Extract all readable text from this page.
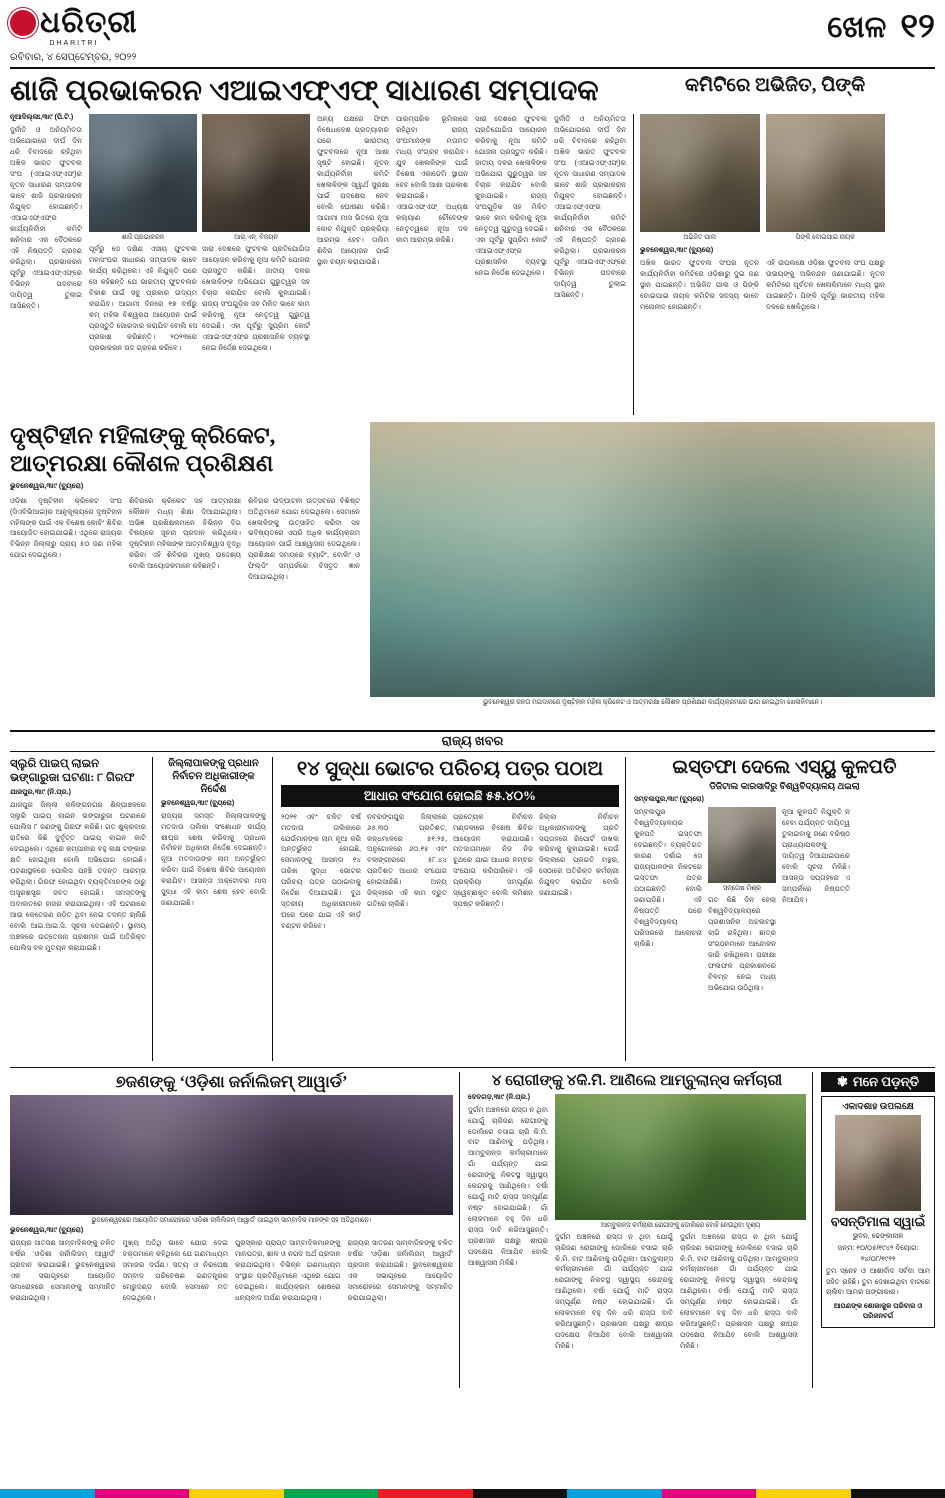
ଧରିତ୍ରୀ
DHARITRI
ରବିବାର, ୪ ସେପ୍ଟେମ୍ବର, ୨୦୨୨
ଖେଳ ୧୨
ଶାଜି ପ୍ରଭାକରନ ଏଆଇଏଫ୍‌ଏଫ୍‌ ସାଧାରଣ ସମ୍ପାଦକ	କମିଟିରେ ଅଭିଜିତ, ପିଙ୍କି
ନୂଆଦିଲ୍ଲୀ,୩ା୯ (ପି.ଟି.)
ଦୁର୍ନୀତି ଓ ଅନିୟମିତତା ଅଭିଯୋଗରେ ଦୀର୍ଘ ଦିନ ଧରି ବିବାଦରେ ରହିଥିବା ଅଖିଳ ଭାରତ ଫୁଟବଲ ସଂଘ (ଏଆଇଏଫ୍‌ଏଫ୍‌)ର ନୂତନ ସାଧାରଣ ସମ୍ପାଦକ ଭାବେ ଶାଜି ପ୍ରଭାକରନ ନିଯୁକ୍ତ ହୋଇଛନ୍ତି। ଏଆଇଏଫ୍‌ଏଫ୍‌ର କାର୍ଯ୍ୟନିର୍ବାହୀ କମିଟି ଶନିବାର ଏକ ବୈଠକରେ ଏହି ନିଷ୍ପତ୍ତି ଗ୍ରହଣ କରିଥିଲା। ପ୍ରଭାକରନ ପୂର୍ବରୁ ଏଆଇଏଫ୍‌ଏଫ୍‌ରେ ବିଭିନ୍ନ ପଦବୀରେ ଦାୟିତ୍ୱ ତୁଲାଇ ଆସିଛନ୍ତି।
ଶାଜି ପ୍ରଭାକରନ
ପୂର୍ବରୁ ସେ ଦକ୍ଷିଣ ଏସୀୟ ଫୁଟବଲ ମହାସଂଘର ସାଧାରଣ ସମ୍ପାଦକ ଭାବେ କାର୍ଯ୍ୟ କରିଥିଲେ। ଏହି ନିଯୁକ୍ତି ପରେ ସେ କହିଛନ୍ତି ଯେ ଭାରତୀୟ ଫୁଟବଲର ବିକାଶ ପାଇଁ ସବୁ ପ୍ରକାର ଉଦ୍ୟମ କରାଯିବ। ଆଗାମୀ ଦିନରେ ୧୭ ବର୍ଷରୁ କମ୍ ମହିଳା ବିଶ୍ୱକପ ଆୟୋଜନ ପାଇଁ ପ୍ରସ୍ତୁତି ଜୋରଦାର କରାଯିବ ବୋଲି ସେ ପ୍ରକାଶ କରିଛନ୍ତି। ୨୦୨୩ରେ ପ୍ରଭାକରନ ପଦ ଗ୍ରହଣ କରିବେ।
ଆର୍‌.ଏନ୍‌. ବିଜୟନ
ସାରା ଦେଶରେ ଫୁଟବଲ ପ୍ରତିଯୋଗିତା ଆୟୋଜନ କରିବାକୁ ନୂଆ କମିଟି ଯୋଜନା ପ୍ରସ୍ତୁତ କରିଛି। ଜାତୀୟ ଦଳର ଖେଳାଳିଙ୍କ ଅଭିଯୋଗ ଗୁରୁତ୍ୱର ସହ ବିଚାର କରାଯିବ ବୋଲି କୁହାଯାଇଛି। ରାଜ୍ୟ ସଂଘଗୁଡ଼ିକ ସହ ମିଳିତ ଭାବେ କାମ କରିବାକୁ ନୂଆ ନେତୃତ୍ୱ ଗୁରୁତ୍ୱ ଦେଇଛି। ଏହା ପୂର୍ବରୁ ସୁପ୍ରିମ କୋର୍ଟ ଏଆଇଏଫ୍‌ଏଫ୍‌ର ପ୍ରଶାସନିକ ବ୍ୟବସ୍ଥା ନେଇ ନିର୍ଦ୍ଦେଶ ଦେଇଥିଲେ।
ଅନ୍ୟ ପକ୍ଷରେ ଫିଫା ନିଷେଧାଦେଶ ପ୍ରତ୍ୟାହାର ପରେ ଭାରତୀୟ ଫୁଟବଲରେ ନୂଆ ଆଶା ସୃଷ୍ଟି ହୋଇଛି। ନୂତନ କାର୍ଯ୍ୟନିର୍ବାହୀ କମିଟି ଖେଳାଳିଙ୍କ ସ୍ୱାର୍ଥ ସୁରକ୍ଷା ପାଇଁ ପଦକ୍ଷେପ ନେବ ବୋଲି ଘୋଷଣା କରିଛି। ଆଗାମୀ ମାସ ଭିତରେ ନୂଆ କୋଚ ନିଯୁକ୍ତି ପ୍ରକ୍ରିୟା ଆରମ୍ଭ ହେବ। ତାଲିମ ଶିବିର ଆୟୋଜନ ପାଇଁ ସ୍ଥାନ ଚୟନ କରାଯାଉଛି।
ପାରମ୍ପରିକ ଭୂମିକାରେ ରହିଥିବା ରାଜ୍ୟ ସଂଘମାନଙ୍କ ମତାମତ ମଧ୍ୟ ସଂଗ୍ରହ କରାଯିବ। ଯୁବ ଖେଳାଳିଙ୍କ ପାଇଁ ବିଶେଷ ଏକାଡେମି ସ୍ଥାପନ ହେବ ବୋଲି ଆଶା ପ୍ରକାଶ କରାଯାଇଛି। ଏଆଇଏଫ୍‌ଏଫ୍‌ ଅଧ୍ୟକ୍ଷ କଲ୍ୟାଣ ଚୌବେଙ୍କ ନେତୃତ୍ୱରେ ନୂଆ ଦଳ କାମ ଆରମ୍ଭ କରିଛି।
ସାରା ଦେଶରେ ଫୁଟବଲ ପ୍ରତିଯୋଗିତା ଆୟୋଜନ କରିବାକୁ ନୂଆ କମିଟି ଯୋଜନା ପ୍ରସ୍ତୁତ କରିଛି। ଜାତୀୟ ଦଳର ଖେଳାଳିଙ୍କ ଅଭିଯୋଗ ଗୁରୁତ୍ୱର ସହ ବିଚାର କରାଯିବ ବୋଲି କୁହାଯାଇଛି। ରାଜ୍ୟ ସଂଘଗୁଡ଼ିକ ସହ ମିଳିତ ଭାବେ କାମ କରିବାକୁ ନୂଆ ନେତୃତ୍ୱ ଗୁରୁତ୍ୱ ଦେଇଛି। ଏହା ପୂର୍ବରୁ ସୁପ୍ରିମ କୋର୍ଟ ଏଆଇଏଫ୍‌ଏଫ୍‌ର ପ୍ରଶାସନିକ ବ୍ୟବସ୍ଥା ନେଇ ନିର୍ଦ୍ଦେଶ ଦେଇଥିଲେ।
ଦୁର୍ନୀତି ଓ ଅନିୟମିତତା ଅଭିଯୋଗରେ ଦୀର୍ଘ ଦିନ ଧରି ବିବାଦରେ ରହିଥିବା ଅଖିଳ ଭାରତ ଫୁଟବଲ ସଂଘ (ଏଆଇଏଫ୍‌ଏଫ୍‌)ର ନୂତନ ସାଧାରଣ ସମ୍ପାଦକ ଭାବେ ଶାଜି ପ୍ରଭାକରନ ନିଯୁକ୍ତ ହୋଇଛନ୍ତି। ଏଆଇଏଫ୍‌ଏଫ୍‌ର କାର୍ଯ୍ୟନିର୍ବାହୀ କମିଟି ଶନିବାର ଏକ ବୈଠକରେ ଏହି ନିଷ୍ପତ୍ତି ଗ୍ରହଣ କରିଥିଲା। ପ୍ରଭାକରନ ପୂର୍ବରୁ ଏଆଇଏଫ୍‌ଏଫ୍‌ରେ ବିଭିନ୍ନ ପଦବୀରେ ଦାୟିତ୍ୱ ତୁଲାଇ ଆସିଛନ୍ତି।
ଅଭିଜିତ ପାଲ	ପିଙ୍କି ବୋଇପାଇ ନାୟକ
ଭୁବନେଶ୍ୱର,୩ା୯ (ବ୍ୟୁରୋ)
ଅଖିଳ ଭାରତ ଫୁଟବଲ ସଂଘର ନୂତନ କାର୍ଯ୍ୟନିର୍ବାହୀ କମିଟିରେ ଓଡ଼ିଶାରୁ ଦୁଇ ଜଣ ସ୍ଥାନ ପାଇଛନ୍ତି। ଅଭିଜିତ ପାଲ ଓ ପିଙ୍କି ବୋଇପାଇ ନାୟକ କମିଟିର ସଦସ୍ୟ ଭାବେ ମନୋନୀତ ହୋଇଛନ୍ତି।
ଏହି ଉପଲକ୍ଷେ ଓଡ଼ିଶା ଫୁଟବଲ ସଂଘ ପକ୍ଷରୁ ଉଭୟଙ୍କୁ ଅଭିନନ୍ଦନ ଜଣାଯାଇଛି। ନୂତନ କମିଟିରେ ପୂର୍ବତନ ଖେଳାଳିମାନେ ମଧ୍ୟ ସ୍ଥାନ ପାଇଛନ୍ତି। ପିଙ୍କି ପୂର୍ବରୁ ଭାରତୀୟ ମହିଳା ଦଳରେ ଖେଳିଥିଲେ।
ଦୃଷ୍ଟିହୀନ ମହିଳାଙ୍କୁ କ୍ରିକେଟ, ଆତ୍ମରକ୍ଷା କୌଶଳ ପ୍ରଶିକ୍ଷଣ
ଭୁବନେଶ୍ୱର,୩ା୯ (ବ୍ୟୁରୋ)
ଓଡ଼ିଶା ଦୃଷ୍ଟିହୀନ କ୍ରିକେଟ ସଂଘ (ସିଏବିଭିଆଇ)ର ଆନୁକୂଲ୍ୟରେ ଦୃଷ୍ଟିହୀନ ମହିଳାଙ୍କ ପାଇଁ ଏକ ବିଶେଷ କୋଚିଂ ଶିବିର ଆୟୋଜିତ ହୋଇଯାଇଛି। ଏଥିରେ ରାଜ୍ୟର ବିଭିନ୍ନ ଜିଲ୍ଲାରୁ ପ୍ରାୟ ୫୦ ଜଣ ମହିଳା ଯୋଗ ଦେଇଥିଲେ।
ଶିବିରରେ କ୍ରିକେଟ ସହ ଆତ୍ମରକ୍ଷା କୌଶଳ ମଧ୍ୟ ଶିକ୍ଷା ଦିଆଯାଇଥିଲା। ଅଭିଜ୍ଞ ପ୍ରଶିକ୍ଷକମାନେ ବିଭିନ୍ନ ଦିଗ ବିଷୟରେ ସୂଚନା ପ୍ରଦାନ କରିଥିଲେ। ଦୃଷ୍ଟିହୀନ ମହିଳାଙ୍କ ଆତ୍ମବିଶ୍ୱାସ ବୃଦ୍ଧି କରିବା ଏହି ଶିବିରର ମୁଖ୍ୟ ଉଦ୍ଦେଶ୍ୟ ବୋଲି ଆୟୋଜକମାନେ କହିଛନ୍ତି।
ଶିବିରର ଉଦ୍‌ଘାଟନୀ ଉତ୍ସବରେ ବିଶିଷ୍ଟ ଅତିଥିମାନେ ଯୋଗ ଦେଇଥିଲେ। ସେମାନେ ଖେଳାଳିଙ୍କୁ ଉତ୍ସାହିତ କରିବା ସହ ଭବିଷ୍ୟତରେ ଏପରି ଅଧିକ କାର୍ଯ୍ୟକ୍ରମ ଆୟୋଜନ ପାଇଁ ଆଶ୍ୱାସନା ଦେଇଥିଲେ। ପ୍ରଶିକ୍ଷଣ ସମୟରେ ବ୍ୟାଟିଂ, ବୋଲିଂ ଓ ଫିଲ୍ଡିଂ ସମ୍ପର୍କରେ ବିସ୍ତୃତ ଜ୍ଞାନ ଦିଆଯାଇଥିଲା।
ଭୁବନେଶ୍ୱର ଜନତା ମଇଦାନରେ ଦୃଷ୍ଟିହୀନ ମହିଳା କ୍ରିକେଟ ଓ ଆତ୍ମରକ୍ଷା କୌଶଳ ପ୍ରଶିକ୍ଷଣ କାର୍ଯ୍ୟକ୍ରମରେ ଭାଗ ନେଇଥିବା ଖେଳାଳିମାନେ।
ରାଜ୍ୟ ଖବର
ସ୍ଲୁରି ପାଇପ୍‌ ଲାଇନ ଭଙ୍ଗାରୁଜା ଘଟଣା: ୮ ଗିରଫ
ଯାଜପୁର,୩ା୯ (ନି.ପ୍ର.)
ଯାଜପୁର ଜିଲ୍ଲା କଳିଙ୍ଗନଗର ଶିଳ୍ପାଞ୍ଚଳରେ ସ୍ଲୁରି ପାଇପ୍‌ ଲାଇନ ଭଙ୍ଗାରୁଜା ଘଟଣାରେ ପୋଲିସ ୮ ଜଣଙ୍କୁ ଗିରଫ କରିଛି। ଗତ ଶୁକ୍ରବାର ରାତିରେ କିଛି ଦୁର୍ବୃତ୍ତ ପାଇପ୍‌ ଲାଇନ କାଟି ଦେଇଥିଲେ। ଏଥିରେ କମ୍ପାନୀର ବହୁ ଲକ୍ଷ ଟଙ୍କାର କ୍ଷତି ହୋଇଥିଲା ବୋଲି ଅଭିଯୋଗ ହୋଇଛି। ଘଟଣାସ୍ଥଳରେ ପୋଲିସ ପହଞ୍ଚି ତଦନ୍ତ ଆରମ୍ଭ କରିଥିଲା। ଗିରଫ ହୋଇଥିବା ବ୍ୟକ୍ତିମାନଙ୍କ ଠାରୁ ଅସ୍ତ୍ରଶସ୍ତ୍ର ଜବତ ହୋଇଛି। ସମସ୍ତଙ୍କୁ ଅଦାଲତରେ ହାଜର କରାଯାଇଥିଲା। ଏହି ଘଟଣାରେ ଆଉ କେତେଜଣ ଜଡ଼ିତ ଥିବା ନେଇ ତଦନ୍ତ ଚାଲିଛି ବୋଲି ଆଇ.ଆଇ.ସି. ସୂଚନା ଦେଇଛନ୍ତି। ସ୍ଥାନୀୟ ଅଞ୍ଚଳରେ ଉତ୍ତେଜନା ପ୍ରଶମନ ପାଇଁ ଅତିରିକ୍ତ ପୋଲିସ ବଳ ମୁତୟନ କରାଯାଇଛି।
ଜିଲ୍ଲାପାଳଙ୍କୁ ପ୍ରଧାନ ନିର୍ବାଚନ ଅଧିକାରୀଙ୍କ ନିର୍ଦ୍ଦେଶ
ଭୁବନେଶ୍ୱର,୩ା୯ (ବ୍ୟୁରୋ)
ରାଜ୍ୟର ସମସ୍ତ ଜିଲ୍ଲାପାଳଙ୍କୁ ମତଦାତା ତାଲିକା ସଂଶୋଧନ କାର୍ଯ୍ୟ ଶୀଘ୍ର ଶେଷ କରିବାକୁ ପ୍ରଧାନ ନିର୍ବାଚନ ଅଧିକାରୀ ନିର୍ଦ୍ଦେଶ ଦେଇଛନ୍ତି। ନୂଆ ମତଦାତାଙ୍କ ନାମ ଅନ୍ତର୍ଭୁକ୍ତ କରିବା ପାଇଁ ବିଶେଷ ଶିବିର ଆୟୋଜନ କରାଯିବ। ଆସନ୍ତା ଅକ୍ଟୋବର ମାସ ସୁଦ୍ଧା ଏହି କାମ ଶେଷ ହେବ ବୋଲି ଜଣାଯାଇଛି।
୧୪ ସୁଦ୍ଧା ଭୋଟର ପରିଚୟ ପତ୍ର ପଠାଅ
ଆଧାର ସଂଯୋଗ ହୋଇଛି ୫୫.୪୦%
୨୦୨୧ ଏବଂ ଚଳିତ ବର୍ଷ ମତଦାତା ତାଲିକାରେ ଯେଉଁମାନଙ୍କ ନାମ ନୂଆ କରି ଅନ୍ତର୍ଭୁକ୍ତ ହୋଇଛି, ସେମାନଙ୍କୁ ଆସନ୍ତା ୧୪ ତାରିଖ ସୁଦ୍ଧା ଭୋଟର ପରିଚୟ ପତ୍ର ପଠାଇବାକୁ ନିର୍ଦ୍ଦେଶ ଦିଆଯାଇଛି। ବୁଥ ସ୍ତରୀୟ ଅଧିକାରୀମାନେ ଘରେ ଘରେ ଯାଇ ଏହି କାର୍ଡ଼ ବଣ୍ଟନ କରିବେ।
ନବରଙ୍ଗପୁର ଜିଲ୍ଲାରେ ୬୫.୩୦ ପ୍ରତିଶତ, କନ୍ଧମାଳରେ ୫୧.୨୫, ଅନୁଗୋଳରେ ୬୦.୧୫ ଏବଂ ବଲାଙ୍ଗୀରରେ ୫୮.୪୪ ପ୍ରତିଶତ ଆଧାର ସଂଯୋଗ ହୋଇସାରିଛି। ଅନ୍ୟ ଜିଲ୍ଲାରେ ଏହି କାମ ଦ୍ରୁତ ଗତିରେ ଚାଲିଛି।
ପ୍ରତ୍ୟେକ ନିର୍ବାଚନ ମଣ୍ଡଳୀରେ ବିଶେଷ ଶିବିର ଆୟୋଜନ କରାଯାଉଛି। ମତଦାତାମାନେ ନିଜ ନିଜ ବୁଥରେ ଯାଇ ଆଧାର ନମ୍ବର ସଂଯୋଗ କରିପାରିବେ। ଏହି ପ୍ରକ୍ରିୟା ସମ୍ପୂର୍ଣ୍ଣ ସ୍ୱେଚ୍ଛାକୃତ ବୋଲି କମିଶନ ସ୍ପଷ୍ଟ କରିଛନ୍ତି।
ଜିଲ୍ଲା ନିର୍ବାଚନ ଅଧିକାରୀମାନଙ୍କୁ ପ୍ରତି ସପ୍ତାହରେ ରିପୋର୍ଟ ଦାଖଲ କରିବାକୁ କୁହାଯାଇଛି। ଯେଉଁ ଜିଲ୍ଲାରେ ପ୍ରଗତି ମନ୍ଥର, ସେଠାରେ ଅତିରିକ୍ତ କର୍ମଚାରୀ ନିଯୁକ୍ତ କରାଯିବ ବୋଲି ଜଣାଯାଇଛି।
ଇସ୍ତଫା ଦେଲେ ଏସ୍‌ୟୁ କୁଳପତି
ଡିଜିଟାଲ କାରସାଦିରୁ ବିଶ୍ୱବିଦ୍ୟାଳୟ ଥଇଲା
ସମ୍ବଲପୁର,୩ା୯ (ବ୍ୟୁରୋ)
ସମ୍ବଲପୁର ବିଶ୍ୱବିଦ୍ୟାଳୟର କୁଳପତି ଇସ୍ତଫା ଦେଇଛନ୍ତି। ବ୍ୟକ୍ତିଗତ କାରଣ ଦର୍ଶାଇ ସେ ରାଜ୍ୟପାଳଙ୍କ ନିକଟରେ ଇସ୍ତଫା ପତ୍ର ପଠାଇଛନ୍ତି ବୋଲି ଜଣାପଡ଼ିଛି। ଏହି ନିଷ୍ପତ୍ତି ପରେ ବିଶ୍ୱବିଦ୍ୟାଳୟ ପରିସରରେ ଆଲୋଚନା ଚାଲିଛି।
ସନ୍ତୋଷ ମିଶ୍ର
ଗତ କିଛି ଦିନ ହେଲା ବିଶ୍ୱବିଦ୍ୟାଳୟରେ ପ୍ରଶାସନିକ ଅଚଳାବସ୍ଥା ଲାଗି ରହିଥିଲା। ଛାତ୍ର ସଂଗଠନମାନେ ଆନ୍ଦୋଳନ ଜାରି ରଖିଥିଲେ। ପରୀକ୍ଷା ଫଳାଫଳ ପ୍ରକାଶନରେ ବିଳମ୍ବ ନେଇ ମଧ୍ୟ ଅଭିଯୋଗ ଉଠିଥିଲା।
ନୂଆ କୁଳପତି ନିଯୁକ୍ତି ନ ହେବା ପର୍ଯ୍ୟନ୍ତ ଦାୟିତ୍ୱ ତୁଲାଇବାକୁ ଜଣେ ବରିଷ୍ଠ ପ୍ରାଧ୍ୟାପକଙ୍କୁ ଦାୟିତ୍ୱ ଦିଆଯାଇପାରେ ବୋଲି ସୂଚନା ମିଳିଛି। ଆସନ୍ତା ସପ୍ତାହରେ ଏ ସମ୍ପର୍କରେ ନିଷ୍ପତ୍ତି ନିଆଯିବ।
୭ଜଣଙ୍କୁ ‘ଓଡ଼ିଶା ଜର୍ନାଲିଜମ୍‌ ଆୱାର୍ଡ’
ଭୁବନେଶ୍ୱରରେ ଆୟୋଜିତ ସମାରୋହରେ ‘ଓଡ଼ିଶା ଜର୍ନାଲିଜମ୍ ଆୱାର୍ଡ’ ପାଇଥିବା ସାମ୍ବାଦିକ ମାନଙ୍କ ସହ ଅତିଥିମାନେ।
ଭୁବନେଶ୍ୱର,୩ା୯ (ବ୍ୟୁରୋ)
ରାଜ୍ୟର ସାତଜଣ ସାମ୍ବାଦିକଙ୍କୁ ଚଳିତ ବର୍ଷର ‘ଓଡ଼ିଶା ଜର୍ନାଲିଜମ୍ ଆୱାର୍ଡ’ ପ୍ରଦାନ କରାଯାଇଛି। ଭୁବନେଶ୍ୱରର ଏକ ସଭାଗୃହରେ ଆୟୋଜିତ ସମାରୋହରେ ସେମାନଙ୍କୁ ସମ୍ମାନିତ କରାଯାଇଥିଲା।
ମୁଖ୍ୟ ଅତିଥି ଭାବେ ଯୋଗ ଦେଇ ବକ୍ତାମାନେ କହିଥିଲେ ଯେ ଗଣମାଧ୍ୟମ ସମାଜର ଦର୍ପଣ। ସତ୍ୟ ଓ ନିରପେକ୍ଷ ସମ୍ବାଦ ପରିବେଷଣ ଗଣତନ୍ତ୍ରର ମେରୁଦଣ୍ଡ ବୋଲି ସେମାନେ ମତ ଦେଇଥିଲେ।
ପୁରସ୍କାର ପ୍ରାପ୍ତ ସାମ୍ବାଦିକମାନଙ୍କୁ ମାନପତ୍ର, ଶାଳ ଓ ନଗଦ ଅର୍ଥ ପ୍ରଦାନ କରାଯାଇଥିଲା। ବିଭିନ୍ନ ଗଣମାଧ୍ୟମ ସଂସ୍ଥାର ପ୍ରତିନିଧିମାନେ ଏଥିରେ ଯୋଗ ଦେଇଥିଲେ। କାର୍ଯ୍ୟକ୍ରମ ଶେଷରେ ଧନ୍ୟବାଦ ଅର୍ପଣ କରାଯାଇଥିଲା।
ରାଜ୍ୟର ସାତଜଣ ସାମ୍ବାଦିକଙ୍କୁ ଚଳିତ ବର୍ଷର ‘ଓଡ଼ିଶା ଜର୍ନାଲିଜମ୍ ଆୱାର୍ଡ’ ପ୍ରଦାନ କରାଯାଇଛି। ଭୁବନେଶ୍ୱରର ଏକ ସଭାଗୃହରେ ଆୟୋଜିତ ସମାରୋହରେ ସେମାନଙ୍କୁ ସମ୍ମାନିତ କରାଯାଇଥିଲା।
୪ ରୋଗୀଙ୍କୁ ୪କି.ମି. ଆଣିଲେ ଆମ୍ବୁଲାନ୍ସ କର୍ମଚାରୀ
ଦେବଗଡ଼,୩ା୯ (ନି.ପ୍ର.)
ଦୁର୍ଗମ ଅଞ୍ଚଳରେ ରାସ୍ତା ନ ଥିବା ଯୋଗୁଁ ଚାରିଜଣ ରୋଗୀଙ୍କୁ ଡୋଲିରେ ବସାଇ ଚାରି କି.ମି. ବାଟ ଆଣିବାକୁ ପଡ଼ିଥିଲା। ଆମ୍ବୁଲାନ୍ସ କର୍ମଚାରୀମାନେ ଗାଁ ପର୍ଯ୍ୟନ୍ତ ଯାଇ ରୋଗୀଙ୍କୁ ନିକଟସ୍ଥ ସ୍ୱାସ୍ଥ୍ୟ କେନ୍ଦ୍ରକୁ ଆଣିଥିଲେ। ବର୍ଷା ଯୋଗୁଁ ମାଟି ରାସ୍ତା ସମ୍ପୂର୍ଣ୍ଣ ନଷ୍ଟ ହୋଇଯାଇଛି। ଗାଁ ଲୋକମାନେ ବହୁ ଦିନ ଧରି ରାସ୍ତା ଦାବି କରିଆସୁଛନ୍ତି। ପ୍ରଶାସନ ପକ୍ଷରୁ ଶୀଘ୍ର ପଦକ୍ଷେପ ନିଆଯିବ ବୋଲି ଆଶ୍ୱାସନା ମିଳିଛି।
ଆମ୍ବୁଲାନ୍ସ କର୍ମଚାରୀ ରୋଗୀଙ୍କୁ ଡୋଲିରେ ବୋହି ନେଉଥିବା ଦୃଶ୍ୟ
ଦୁର୍ଗମ ଅଞ୍ଚଳରେ ରାସ୍ତା ନ ଥିବା ଯୋଗୁଁ ଚାରିଜଣ ରୋଗୀଙ୍କୁ ଡୋଲିରେ ବସାଇ ଚାରି କି.ମି. ବାଟ ଆଣିବାକୁ ପଡ଼ିଥିଲା। ଆମ୍ବୁଲାନ୍ସ କର୍ମଚାରୀମାନେ ଗାଁ ପର୍ଯ୍ୟନ୍ତ ଯାଇ ରୋଗୀଙ୍କୁ ନିକଟସ୍ଥ ସ୍ୱାସ୍ଥ୍ୟ କେନ୍ଦ୍ରକୁ ଆଣିଥିଲେ। ବର୍ଷା ଯୋଗୁଁ ମାଟି ରାସ୍ତା ସମ୍ପୂର୍ଣ୍ଣ ନଷ୍ଟ ହୋଇଯାଇଛି। ଗାଁ ଲୋକମାନେ ବହୁ ଦିନ ଧରି ରାସ୍ତା ଦାବି କରିଆସୁଛନ୍ତି। ପ୍ରଶାସନ ପକ୍ଷରୁ ଶୀଘ୍ର ପଦକ୍ଷେପ ନିଆଯିବ ବୋଲି ଆଶ୍ୱାସନା ମିଳିଛି।
ଦୁର୍ଗମ ଅଞ୍ଚଳରେ ରାସ୍ତା ନ ଥିବା ଯୋଗୁଁ ଚାରିଜଣ ରୋଗୀଙ୍କୁ ଡୋଲିରେ ବସାଇ ଚାରି କି.ମି. ବାଟ ଆଣିବାକୁ ପଡ଼ିଥିଲା। ଆମ୍ବୁଲାନ୍ସ କର୍ମଚାରୀମାନେ ଗାଁ ପର୍ଯ୍ୟନ୍ତ ଯାଇ ରୋଗୀଙ୍କୁ ନିକଟସ୍ଥ ସ୍ୱାସ୍ଥ୍ୟ କେନ୍ଦ୍ରକୁ ଆଣିଥିଲେ। ବର୍ଷା ଯୋଗୁଁ ମାଟି ରାସ୍ତା ସମ୍ପୂର୍ଣ୍ଣ ନଷ୍ଟ ହୋଇଯାଇଛି। ଗାଁ ଲୋକମାନେ ବହୁ ଦିନ ଧରି ରାସ୍ତା ଦାବି କରିଆସୁଛନ୍ତି। ପ୍ରଶାସନ ପକ୍ଷରୁ ଶୀଘ୍ର ପଦକ୍ଷେପ ନିଆଯିବ ବୋଲି ଆଶ୍ୱାସନା ମିଳିଛି।
✾ ମନେ ପଡ଼ନ୍ତି
ଏକାଦଶାହ ଉପଲକ୍ଷେ
ବସନ୍ତିମାଳା ସ୍ୱାଇଁ
ଭୁବନ, ଢେଙ୍କାନାଳ
ଜନ୍ମ: ୧୦/୦୫/୧୯୪୨ ବିୟୋଗ: ୨୪/୦୮/୧୯୨୨
ତୁମ ସ୍ନେହ ଓ ଆଶୀର୍ବାଦ ସର୍ବଦା ଆମ ସହିତ ରହିଛି। ତୁମ ଦେଖାଇଥିବା ବାଟରେ ଚାଲିବା ଆମର ଅଙ୍ଗୀକାର।
ଆପଣଙ୍କ ଶୋକାକୁଳ ପରିବାର ଓ ପରିଜନବର୍ଗ
